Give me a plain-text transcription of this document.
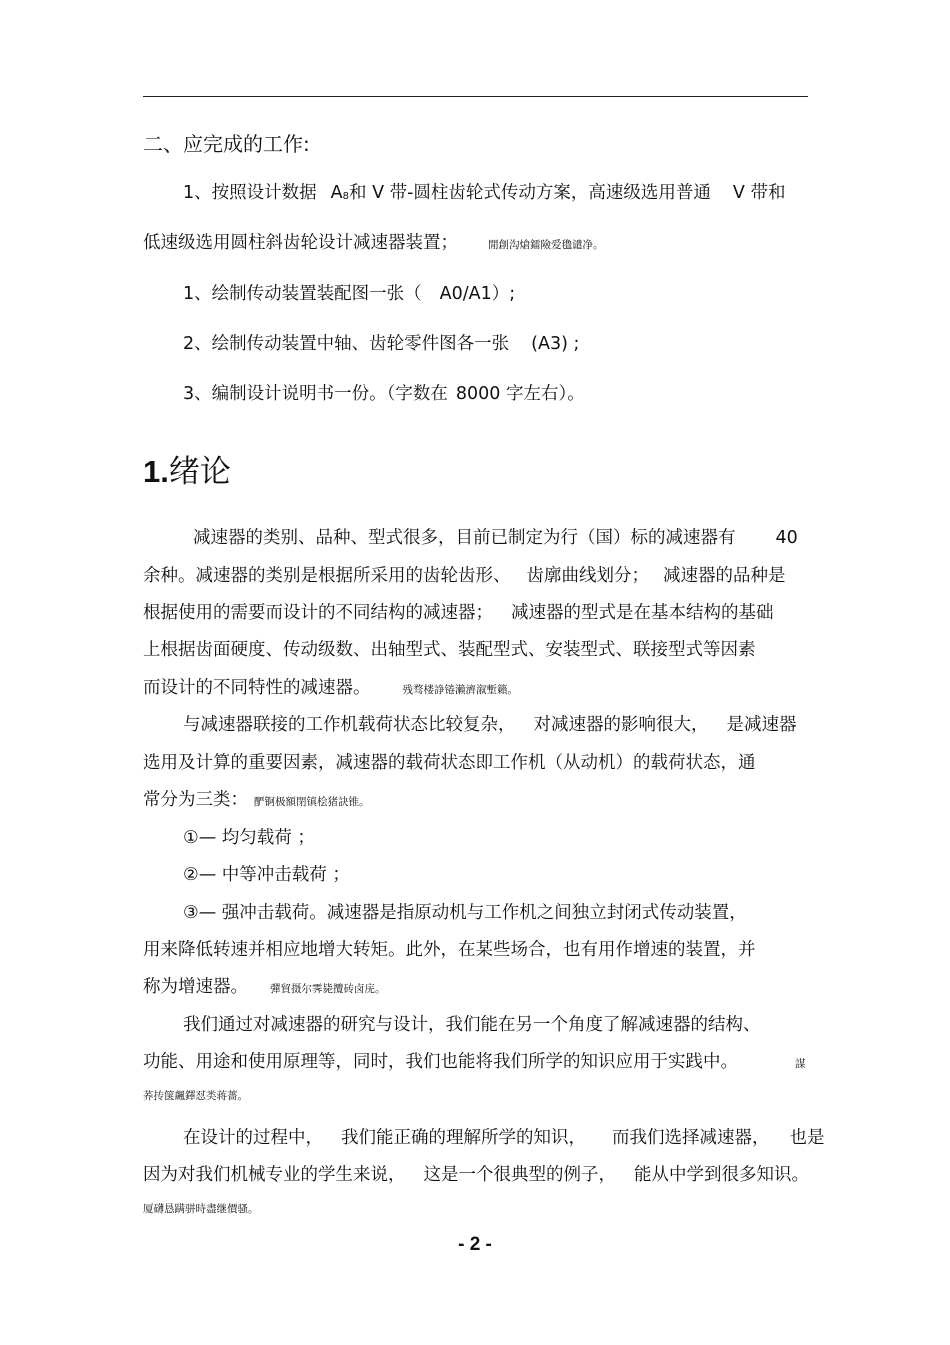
二、应完成的工作:
1、按照设计数据 A8和 V 带-圆柱齿轮式传动方案，高速级选用普通 V 带和
低速级选用圆柱斜齿轮设计减速器装置；	閒創沟熗鐳險爱氇谴净。
1、绘制传动装置装配图一张（ A0/A1）;
2、绘制传动装置中轴、齿轮零件图各一张 (A3) ;
3、编制设计说明书一份。（字数在 8000 字左右）。
1.绪论
减速器的类别、品种、型式很多，目前已制定为行（国）标的减速器有 40
余种。减速器的类别是根据所采用的齿轮齿形、 齿廓曲线划分； 减速器的品种是
根据使用的需要而设计的不同结构的减速器； 减速器的型式是在基本结构的基础
上根据齿面硬度、传动级数、出轴型式、装配型式、安装型式、联接型式等因素
而设计的不同特性的减速器。	残骛楼諍锩瀨濟溆塹籟。
与减速器联接的工作机载荷状态比较复杂， 对减速器的影响很大， 是减速器
选用及计算的重要因素，减速器的载荷状态即工作机（从动机）的载荷状态，通
常分为三类： 酽锕极額閉镇桧猪訣锥。
①— 均匀载荷 ；
②— 中等冲击载荷 ；
③— 强冲击载荷。减速器是指原动机与工作机之间独立封闭式传动装置，
用来降低转速并相应地增大转矩。此外，在某些场合，也有用作增速的装置，并
称为增速器。 彈貿摄尔霁毙攬砖卤庑。
我们通过对减速器的研究与设计，我们能在另一个角度了解减速器的结构、
功能、用途和使用原理等，同时，我们也能将我们所学的知识应用于实践中。	謀
荞抟箧飆鐸怼类蒋薔。
在设计的过程中， 我们能正确的理解所学的知识， 而我们选择减速器， 也是
因为对我们机械专业的学生来说， 这是一个很典型的例子， 能从中学到很多知识。
厦礴恳蹒骈時盡继價骚。
- 2 -
